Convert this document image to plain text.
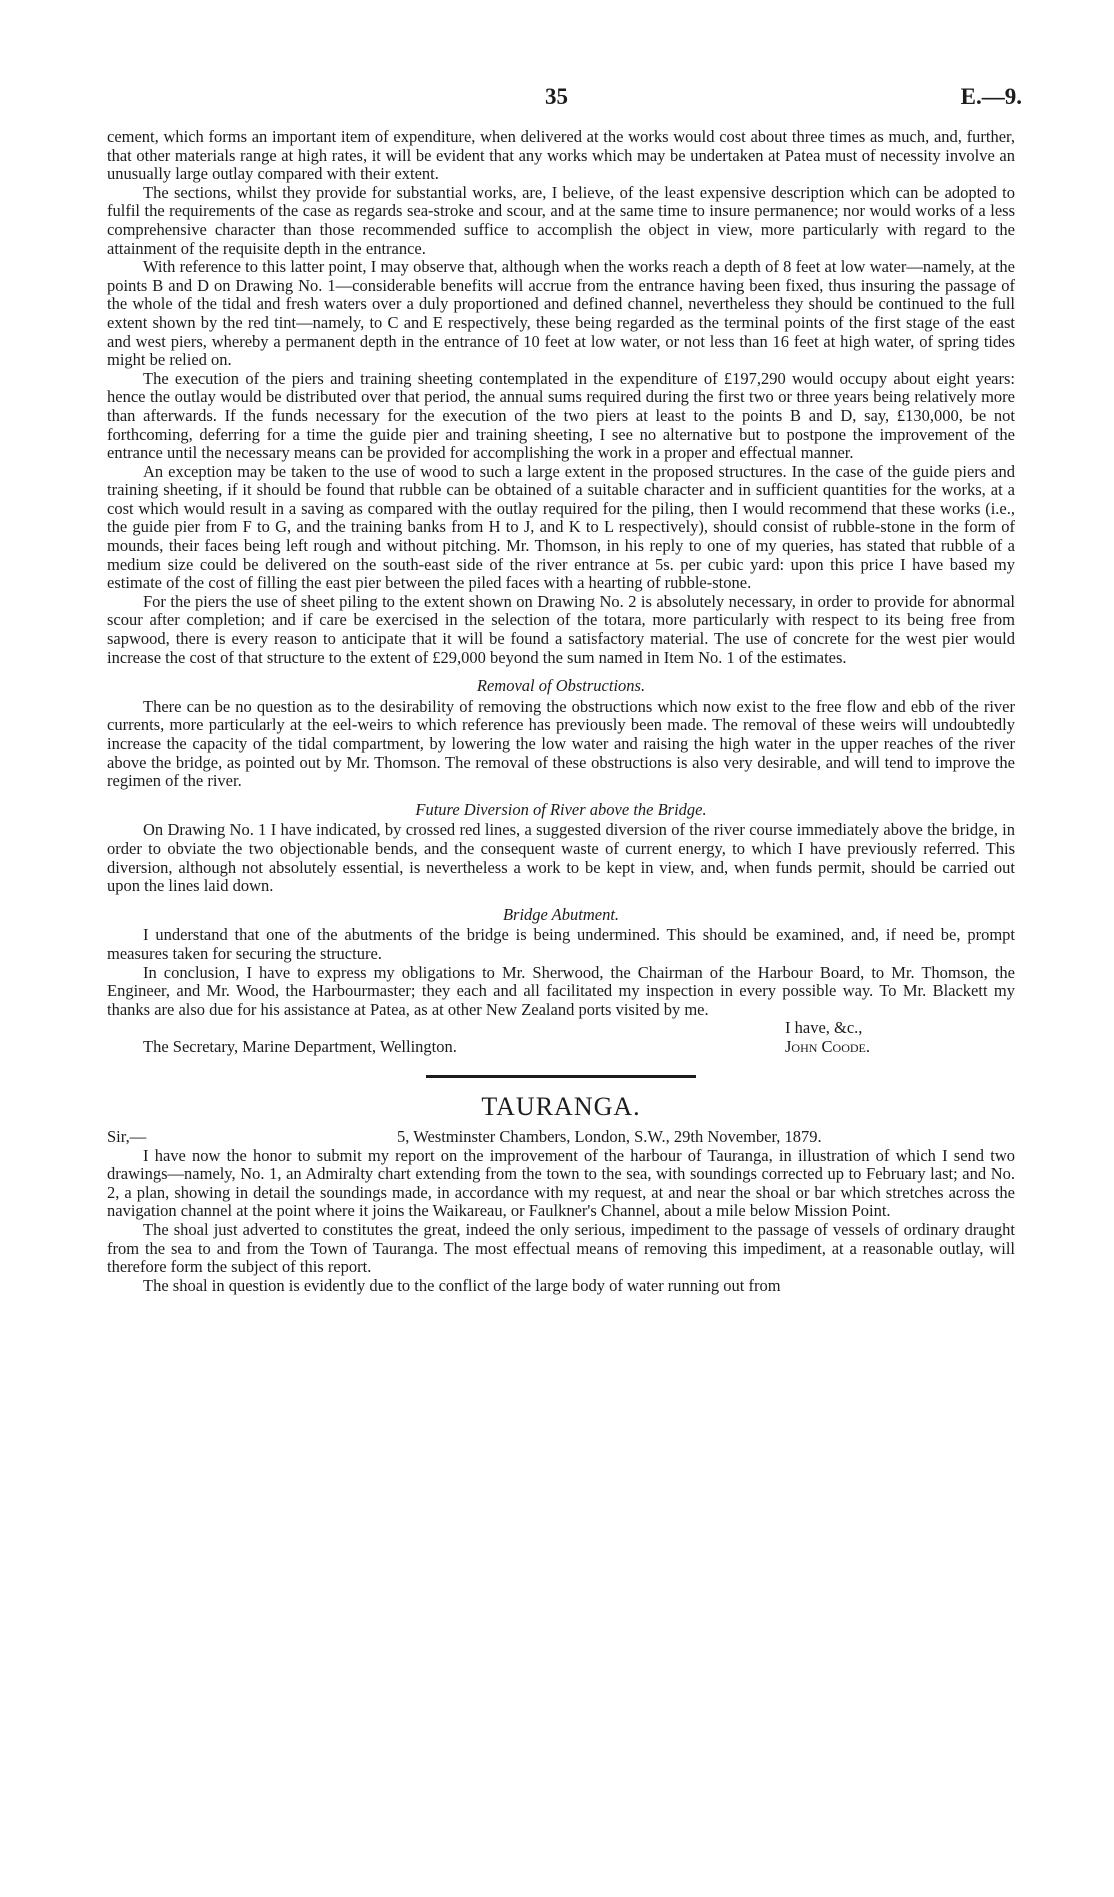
35	E.—9.

cement, which forms an important item of expenditure, when delivered at the works would cost about three times as much, and, further, that other materials range at high rates, it will be evident that any works which may be undertaken at Patea must of necessity involve an unusually large outlay compared with their extent.

The sections, whilst they provide for substantial works, are, I believe, of the least expensive description which can be adopted to fulfil the requirements of the case as regards sea-stroke and scour, and at the same time to insure permanence; nor would works of a less comprehensive character than those recommended suffice to accomplish the object in view, more particularly with regard to the attainment of the requisite depth in the entrance.

With reference to this latter point, I may observe that, although when the works reach a depth of 8 feet at low water—namely, at the points B and D on Drawing No. 1—considerable benefits will accrue from the entrance having been fixed, thus insuring the passage of the whole of the tidal and fresh waters over a duly proportioned and defined channel, nevertheless they should be continued to the full extent shown by the red tint—namely, to C and E respectively, these being regarded as the terminal points of the first stage of the east and west piers, whereby a permanent depth in the entrance of 10 feet at low water, or not less than 16 feet at high water, of spring tides might be relied on.

The execution of the piers and training sheeting contemplated in the expenditure of £197,290 would occupy about eight years: hence the outlay would be distributed over that period, the annual sums required during the first two or three years being relatively more than afterwards. If the funds necessary for the execution of the two piers at least to the points B and D, say, £130,000, be not forthcoming, deferring for a time the guide pier and training sheeting, I see no alternative but to postpone the improvement of the entrance until the necessary means can be provided for accomplishing the work in a proper and effectual manner.

An exception may be taken to the use of wood to such a large extent in the proposed structures. In the case of the guide piers and training sheeting, if it should be found that rubble can be obtained of a suitable character and in sufficient quantities for the works, at a cost which would result in a saving as compared with the outlay required for the piling, then I would recommend that these works (i.e., the guide pier from F to G, and the training banks from H to J, and K to L respectively), should consist of rubble-stone in the form of mounds, their faces being left rough and without pitching. Mr. Thomson, in his reply to one of my queries, has stated that rubble of a medium size could be delivered on the south-east side of the river entrance at 5s. per cubic yard: upon this price I have based my estimate of the cost of filling the east pier between the piled faces with a hearting of rubble-stone.

For the piers the use of sheet piling to the extent shown on Drawing No. 2 is absolutely necessary, in order to provide for abnormal scour after completion; and if care be exercised in the selection of the totara, more particularly with respect to its being free from sapwood, there is every reason to anticipate that it will be found a satisfactory material. The use of concrete for the west pier would increase the cost of that structure to the extent of £29,000 beyond the sum named in Item No. 1 of the estimates.

Removal of Obstructions.

There can be no question as to the desirability of removing the obstructions which now exist to the free flow and ebb of the river currents, more particularly at the eel-weirs to which reference has previously been made. The removal of these weirs will undoubtedly increase the capacity of the tidal compartment, by lowering the low water and raising the high water in the upper reaches of the river above the bridge, as pointed out by Mr. Thomson. The removal of these obstructions is also very desirable, and will tend to improve the regimen of the river.

Future Diversion of River above the Bridge.

On Drawing No. 1 I have indicated, by crossed red lines, a suggested diversion of the river course immediately above the bridge, in order to obviate the two objectionable bends, and the consequent waste of current energy, to which I have previously referred. This diversion, although not absolutely essential, is nevertheless a work to be kept in view, and, when funds permit, should be carried out upon the lines laid down.

Bridge Abutment.

I understand that one of the abutments of the bridge is being undermined. This should be examined, and, if need be, prompt measures taken for securing the structure.

In conclusion, I have to express my obligations to Mr. Sherwood, the Chairman of the Harbour Board, to Mr. Thomson, the Engineer, and Mr. Wood, the Harbourmaster; they each and all facilitated my inspection in every possible way. To Mr. Blackett my thanks are also due for his assistance at Patea, as at other New Zealand ports visited by me.

I have, &c.,
The Secretary, Marine Department, Wellington.	John Coode.
TAURANGA.
Sir,—	5, Westminster Chambers, London, S.W., 29th November, 1879.

I have now the honor to submit my report on the improvement of the harbour of Tauranga, in illustration of which I send two drawings—namely, No. 1, an Admiralty chart extending from the town to the sea, with soundings corrected up to February last; and No. 2, a plan, showing in detail the soundings made, in accordance with my request, at and near the shoal or bar which stretches across the navigation channel at the point where it joins the Waikareau, or Faulkner's Channel, about a mile below Mission Point.

The shoal just adverted to constitutes the great, indeed the only serious, impediment to the passage of vessels of ordinary draught from the sea to and from the Town of Tauranga. The most effectual means of removing this impediment, at a reasonable outlay, will therefore form the subject of this report.

The shoal in question is evidently due to the conflict of the large body of water running out from
